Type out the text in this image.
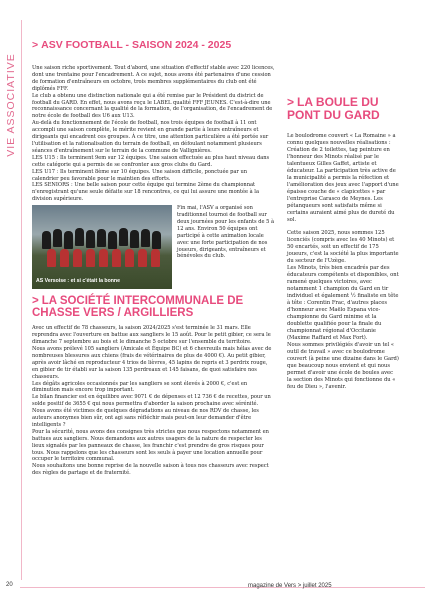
VIE ASSOCIATIVE
> ASV FOOTBALL - SAISON 2024 - 2025

Une saison riche sportivement. Tout d'abord, une situation d'effectif stable avec 220 licences, dont une trentaine pour l'encadrement. A ce sujet, nous avons été partenaires d'une cession de formation d'entraîneurs en octobre, trois membres supplémentaires du club ont été diplômés FFF.

Le club a obtenu une distinction nationale qui a été remise par le Président du district de football du GARD. En effet, nous avons reçu le LABEL qualité FFF JEUNES. C'est-à-dire une reconnaissance concernant la qualité de la formation, de l'organisation, de l'encadrement de notre école de football des U6 aux U13.

Au-delà du fonctionnement de l'école de football, nos trois équipes de football à 11 ont accompli une saison complète, le mérite revient en grande partie à leurs entraîneurs et dirigeants qui encadrent ces groupes. À ce titre, une attention particulière a été portée sur l'utilisation et la rationalisation du terrain de football, en défoulant notamment plusieurs séances d'entraînement sur le terrain de la commune de Vallignières.

LES U15 : Ils terminent 9em sur 12 équipes. Une saison effectuée au plus haut niveau dans cette catégorie qui a permis de se confronter aux gros clubs du Gard.

LES U17 : Ils terminent 8ème sur 10 équipes. Une saison difficile, ponctuée par un calendrier peu favorable pour le maintien des efforts.

LES SENIORS : Une belle saison pour cette équipe qui termine 2ème du championnat n'enregistrant qu'une seule défaite sur 18 rencontres, ce qui lui assure une montée à la division supérieure.

AS Versoise : et si c'était la bonne
Fin mai, l'ASV a organisé son traditionnel tournoi de football sur deux journées pour les enfants de 5 à 12 ans. Environ 50 équipes ont participé à cette animation locale avec une forte participation de nos joueurs, dirigeants, entraîneurs et bénévoles du club.
> LA SOCIÉTÉ INTERCOMMUNALE DE CHASSE VERS / ARGILLIERS

Avec un effectif de 78 chasseurs, la saison 2024/2025 s'est terminée le 31 mars. Elle reprendra avec l'ouverture en battue aux sangliers le 15 août. Pour le petit gibier, ce sera le dimanche 7 septembre au bois et le dimanche 5 octobre sur l'ensemble du territoire.

Nous avons prélevé 105 sangliers (Amicale et Équipe BC) et 6 chevreuils mais hélas avec de nombreuses blessures aux chiens (frais de vétérinaires de plus de 4000 €). Au petit gibier, après avoir lâché en reproducteur 4 trios de lièvres, 45 lapins de repris et 3 perdrix rouge, en gibier de tir établi sur la saison 135 perdreaux et 145 faisans, de quoi satisfaire nos chasseurs.

Les dégâts agricoles occasionnés par les sangliers se sont élevés à 2000 €, c'est en diminution mais encore trop important.

Le bilan financier est en équilibre avec 9071 € de dépenses et 12 736 € de recettes, pour un solde positif de 3655 € qui nous permettra d'aborder la saison prochaine avec sérénité.

Nous avons été victimes de quelques dégradations au niveau de nos RDV de chasse, les auteurs anonymes bien sûr, ont agi sans réfléchir mais peut-on leur demander d'être intelligents ?

Pour la sécurité, nous avons des consignes très strictes que nous respectons notamment en battues aux sangliers. Nous demandons aux autres usagers de la nature de respecter les lieux signalés par les panneaux de chasse, les franchir c'est prendre de gros risques pour tous. Nous rappelons que les chasseurs sont les seuls à payer une location annuelle pour occuper le territoire communal.

Nous souhaitons une bonne reprise de la nouvelle saison à tous nos chasseurs avec respect des règles de partage et de fraternité.

> LA BOULE DU PONT DU GARD

Le boulodrome couvert « La Romaine » a connu quelques nouvelles réalisations :

Création de 2 toilettes, tag peinture en l'honneur des Minots réalisé par le talentueux Gilles Gaffet, artiste et éducateur. La participation très active de la municipalité a permis la réfection et l'amélioration des jeux avec l'apport d'une épaisse couche de « clapicettes » par l'entreprise Carasco de Meynes. Les pétanqueurs sont satisfaits même si certains auraient aimé plus de dureté du sol.

Cette saison 2025, nous sommes 125 licenciés (compris avec les 40 Minots) et 50 encartés, soit un effectif de 175 joueurs, c'est la société la plus importante du secteur de l'Uzège.

Les Minots, très bien encadrés par des éducateurs compétents et disponibles, ont ramené quelques victoires, avec notamment 1 champion du Gard en tir individuel et également ½ finaliste en tête à tête : Corentin Frac, d'autres places d'honneur avec Maëlo Espana vice-championne du Gard minime et la doublette qualifiée pour la finale du championnat régional d'Occitanie (Maxime Raffard et Max Fort).

Nous sommes privilégiés d'avoir un tel « outil de travail » avec ce boulodrome couvert (à peine une dizaine dans le Gard) que beaucoup nous envient et qui nous permet d'avoir une école de boules avec la section des Minots qui fonctionne du « feu de Dieu », l'avenir.

20	magazine de Vers > juillet 2025
